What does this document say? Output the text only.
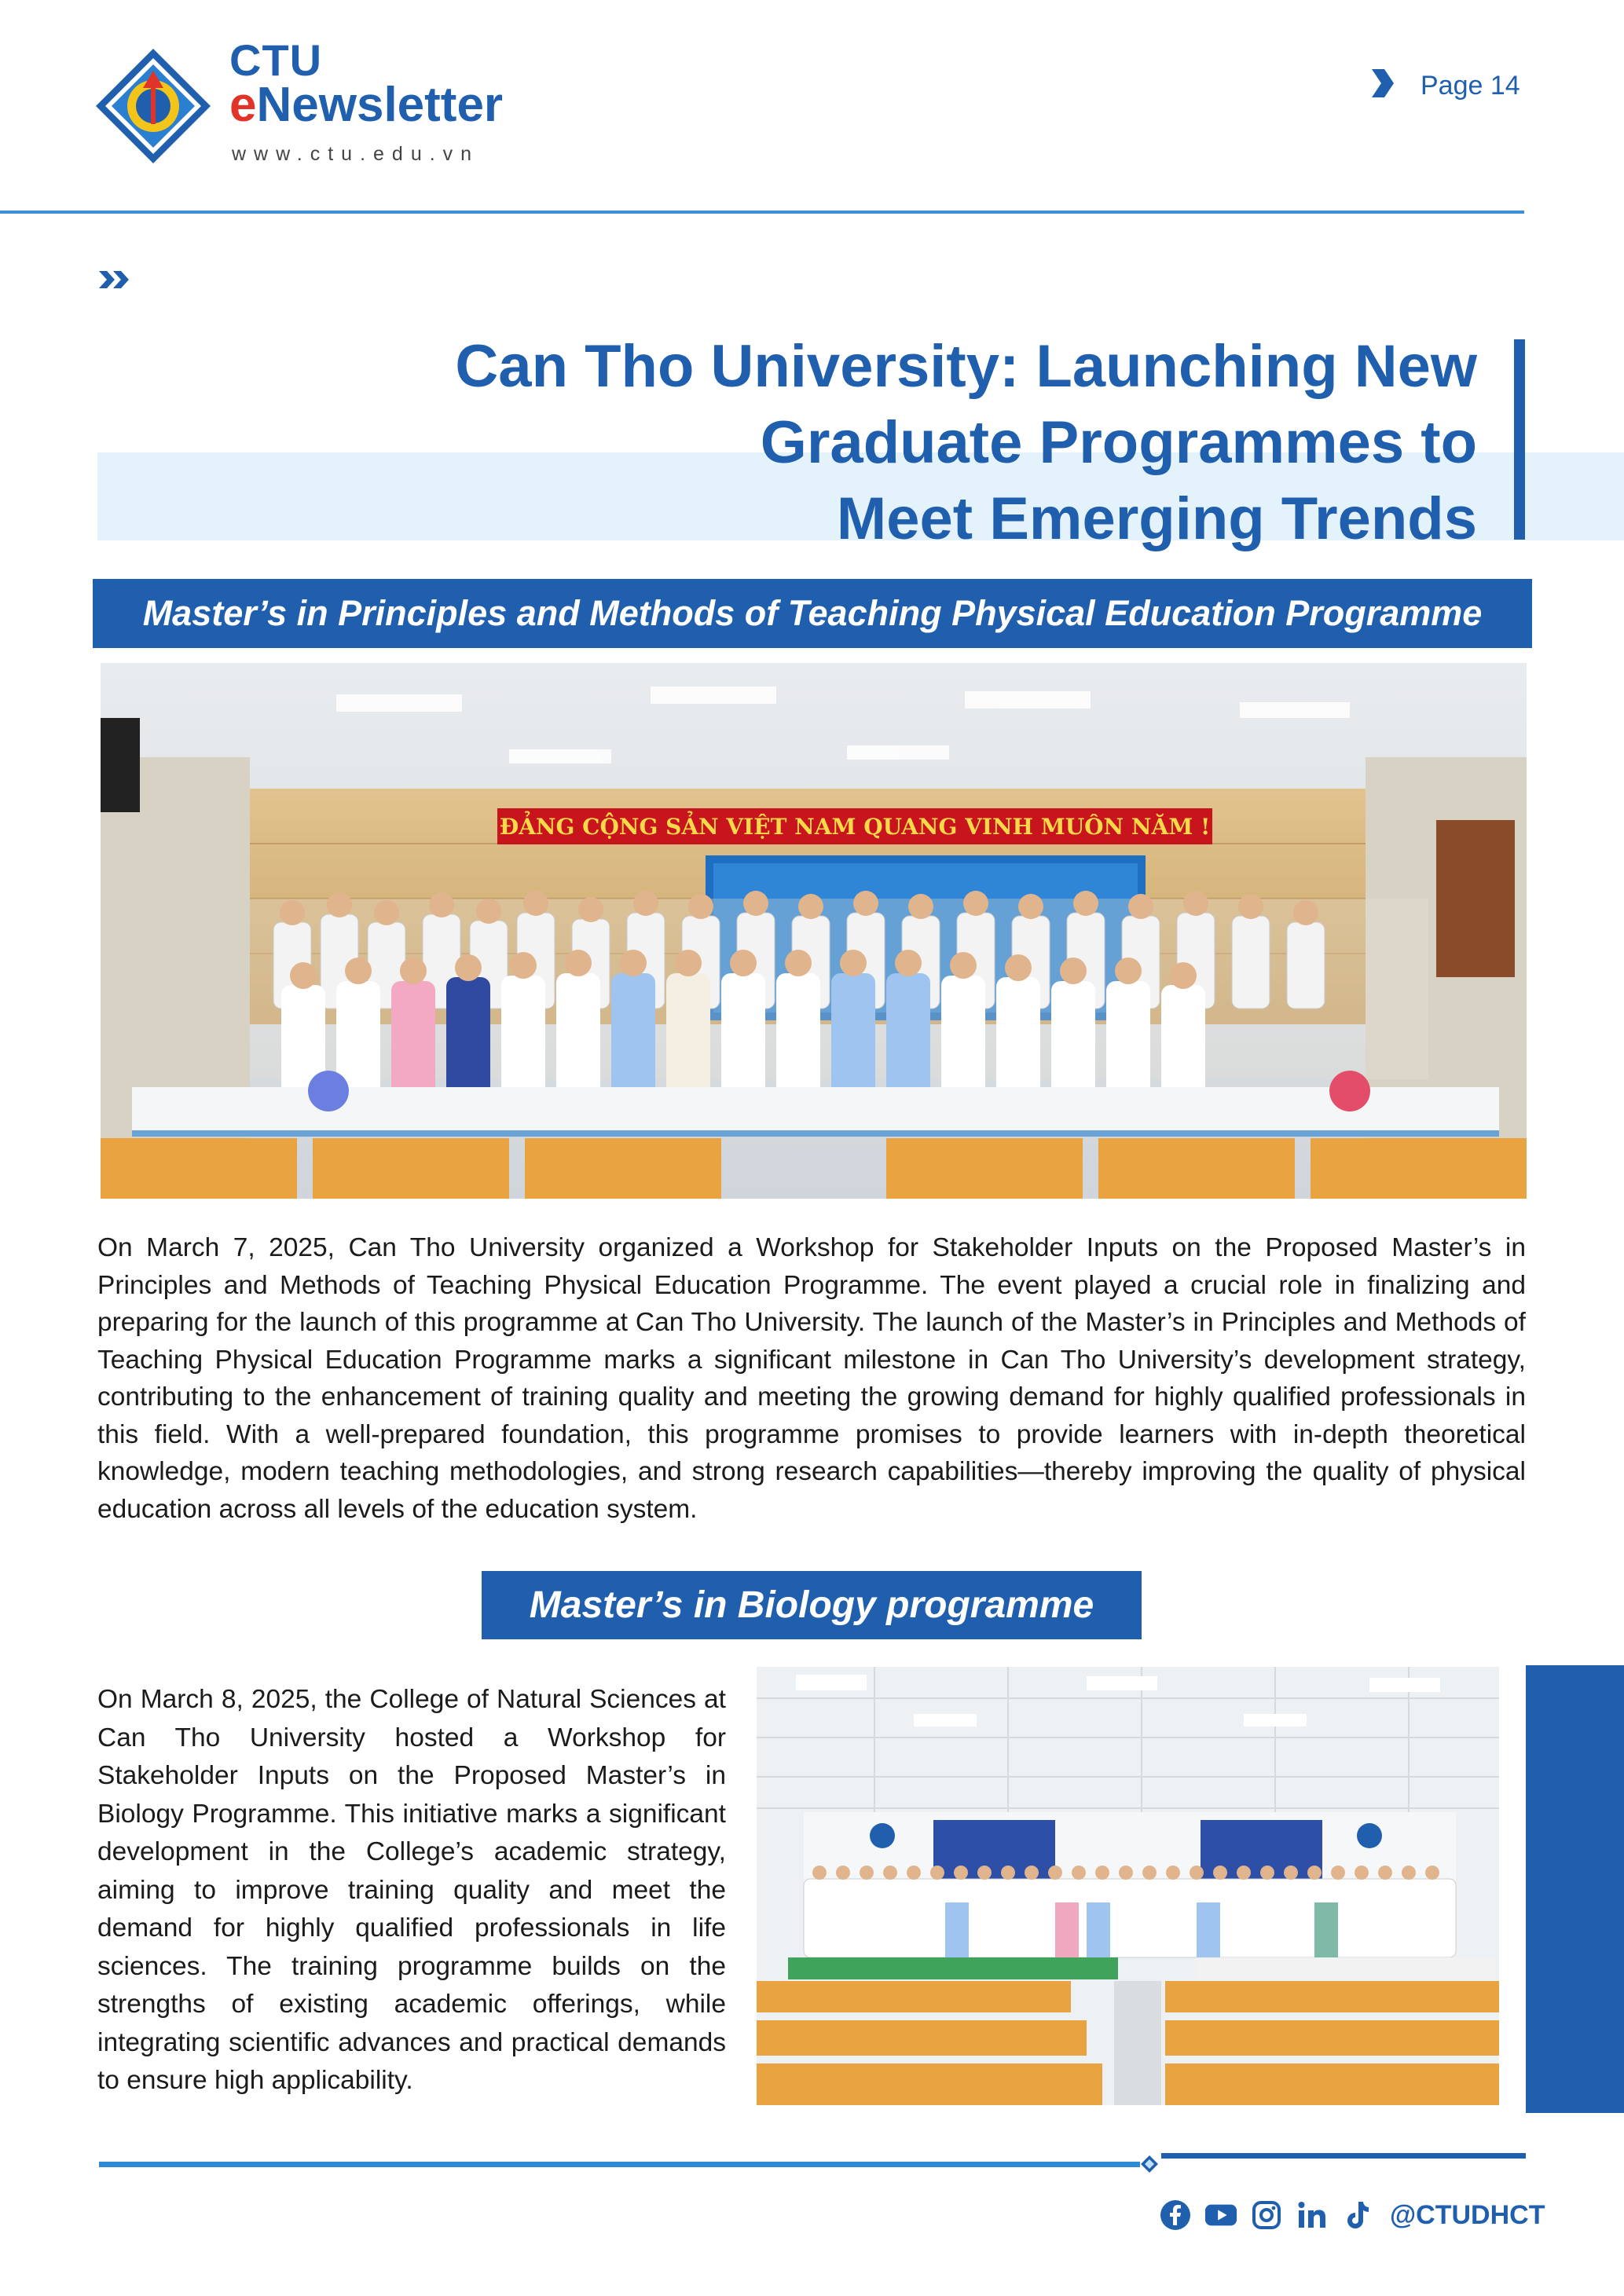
CTU
eNewsletter
www.ctu.edu.vn
Page 14
Can Tho University: Launching New
Graduate Programmes to
Meet Emerging Trends
Master’s in Principles and Methods of Teaching Physical Education Programme
ĐẢNG CỘNG SẢN VIỆT NAM QUANG VINH MUÔN NĂM !
On March 7, 2025, Can Tho University organized a Workshop for Stakeholder Inputs on the Proposed Master’s in Principles and Methods of Teaching Physical Education Programme. The event played a crucial role in finalizing and preparing for the launch of this programme at Can Tho University. The launch of the Master’s in Principles and Methods of Teaching Physical Education Programme marks a significant milestone in Can Tho University’s development strategy, contributing to the enhancement of training quality and meeting the growing demand for highly qualified professionals in this field. With a well-prepared foundation, this programme promises to provide learners with in-depth theoretical knowledge, modern teaching methodologies, and strong research capabilities—thereby improving the quality of physical education across all levels of the education system.
Master’s in Biology programme
On March 8, 2025, the College of Natural Sciences at Can Tho University hosted a Workshop for Stakeholder Inputs on the Proposed Master’s in Biology Programme. This initiative marks a significant development in the College’s academic strategy, aiming to improve training quality and meet the demand for highly qualified professionals in life sciences. The training programme builds on the strengths of existing academic offerings, while integrating scientific advances and practical demands to ensure high applicability.
@CTUDHCT
